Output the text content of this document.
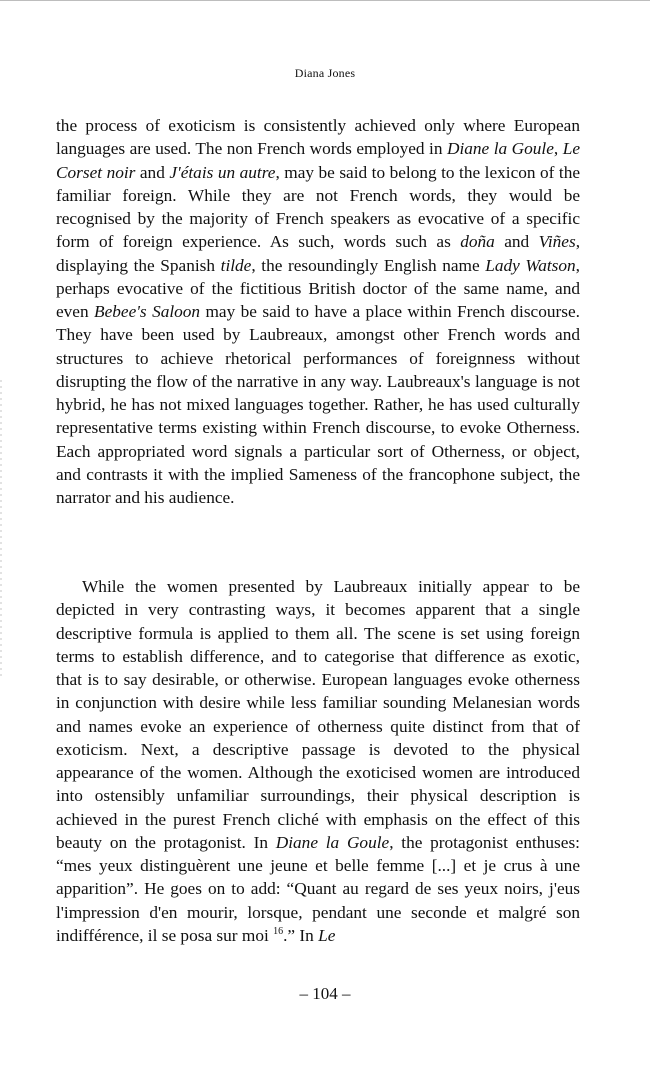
Diana Jones

the process of exoticism is consistently achieved only where European languages are used. The non French words employed in Diane la Goule, Le Corset noir and J'étais un autre, may be said to belong to the lexicon of the familiar foreign. While they are not French words, they would be recognised by the majority of French speakers as evocative of a specific form of foreign experience. As such, words such as doña and Viñes, displaying the Spanish tilde, the resoundingly English name Lady Watson, perhaps evocative of the fictitious British doctor of the same name, and even Bebee's Saloon may be said to have a place within French discourse. They have been used by Laubreaux, amongst other French words and structures to achieve rhetorical performances of foreignness without disrupting the flow of the narrative in any way. Laubreaux's language is not hybrid, he has not mixed languages together. Rather, he has used culturally representative terms existing within French discourse, to evoke Otherness. Each appropriated word signals a particular sort of Otherness, or object, and contrasts it with the implied Sameness of the francophone subject, the narrator and his audience.

While the women presented by Laubreaux initially appear to be depicted in very contrasting ways, it becomes apparent that a single descriptive formula is applied to them all. The scene is set using foreign terms to establish difference, and to categorise that difference as exotic, that is to say desirable, or otherwise. European languages evoke otherness in conjunction with desire while less familiar sounding Melanesian words and names evoke an experience of otherness quite distinct from that of exoticism. Next, a descriptive passage is devoted to the physical appearance of the women. Although the exoticised women are introduced into ostensibly unfamiliar surroundings, their physical description is achieved in the purest French cliché with emphasis on the effect of this beauty on the protagonist. In Diane la Goule, the protagonist enthuses: “mes yeux distinguèrent une jeune et belle femme [...] et je crus à une apparition”. He goes on to add: “Quant au regard de ses yeux noirs, j'eus l'impression d'en mourir, lorsque, pendant une seconde et malgré son indifférence, il se posa sur moi $^{16}$.” In Le

– 104 –
